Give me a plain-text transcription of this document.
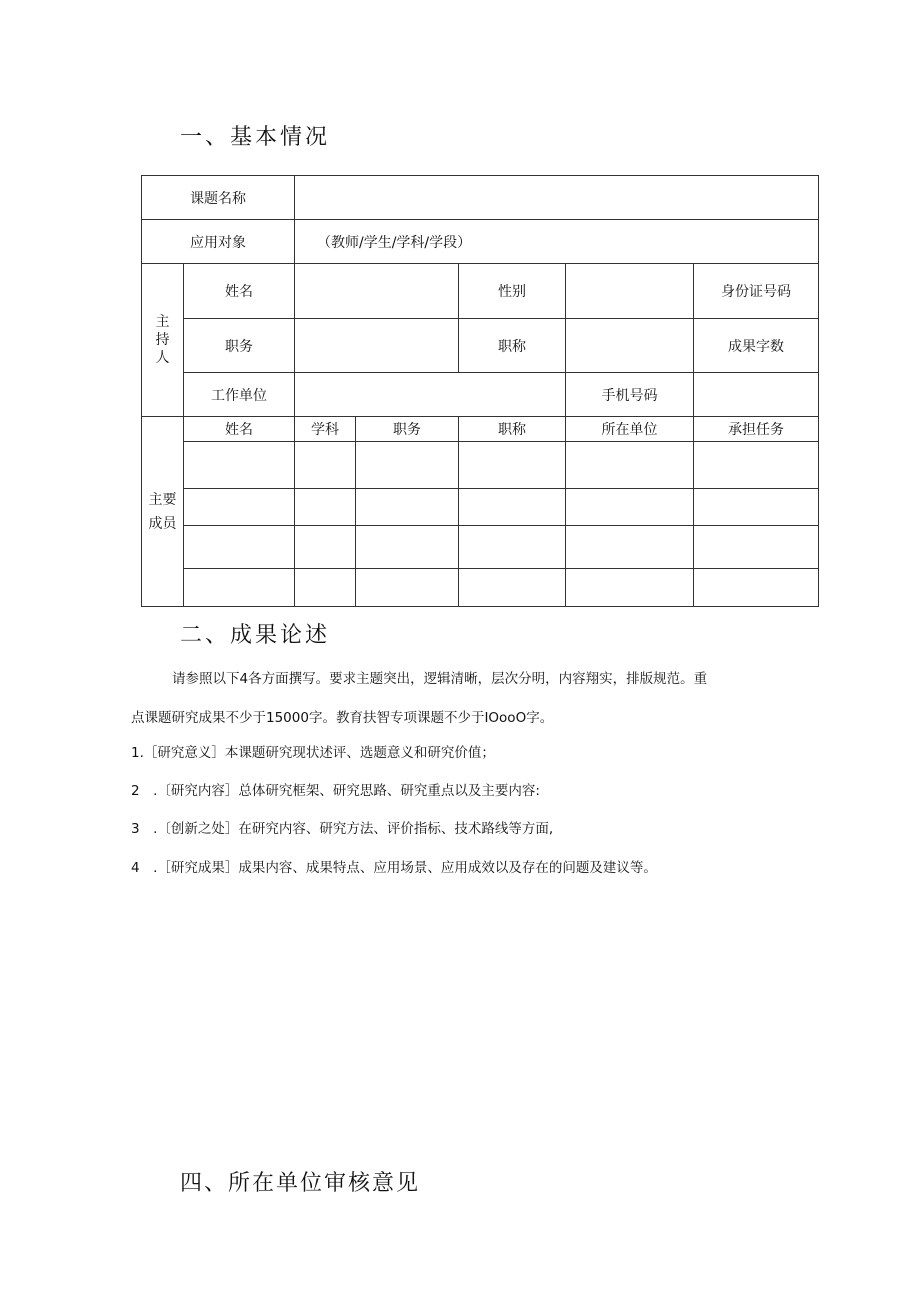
一、基本情况
课题名称							
应用对象		（教师/学生/学科/学段）					

主持人	姓名			性别		身份证号码	
	职务			职称		成果字数	
	工作单位				手机号码		

主要
成员	姓名	学科	职务	职称	所在单位	承担任务	

二、成果论述
请参照以下4各方面撰写。要求主题突出，逻辑清晰，层次分明，内容翔实，排版规范。重
点课题研究成果不少于15000字。教育扶智专项课题不少于IOooO字。
1.［研究意义］本课题研究现状述评、选题意义和研究价值；
2　.〔研究内容］总体研究框架、研究思路、研究重点以及主要内容:
3　.〔创新之处］在研究内容、研究方法、评价指标、技术路线等方面,
4　.［研究成果］成果内容、成果特点、应用场景、应用成效以及存在的问题及建议等。
四、所在单位审核意见
